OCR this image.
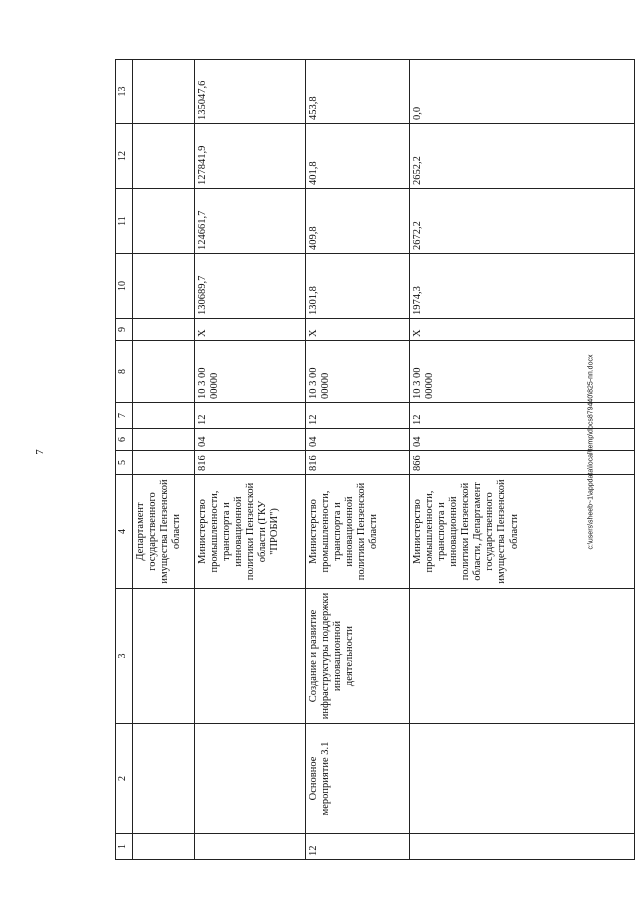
7
1	2	3	4	5	6	7	8	9	10	11	12	13
			Департамент государственного имущества Пензенской области									
			Министерство промышленности, транспорта и инновационной политики Пензенской области (ГКУ "ПРОБИ")	816	04	12	10 3 00 00000	Х	130689,7	124661,7	127841,9	135047,6
12	Основное мероприятие 3.1	Создание и развитие инфраструктуры поддержки инновационной деятельности	Министерство промышленности, транспорта и инновационной политики Пензенской области	816	04	12	10 3 00 00000	Х	1301,8	409,8	401,8	453,8
			Министерство промышленности, транспорта и инновационной политики Пензенской области, Департамент государственного имущества Пензенской области	866	04	12	10 3 00 00000	Х	1974,3	2672,2	2652,2	0,0
c:\users\sheeb~1\appdata\local\temp\docs879440\825-пп.docx
